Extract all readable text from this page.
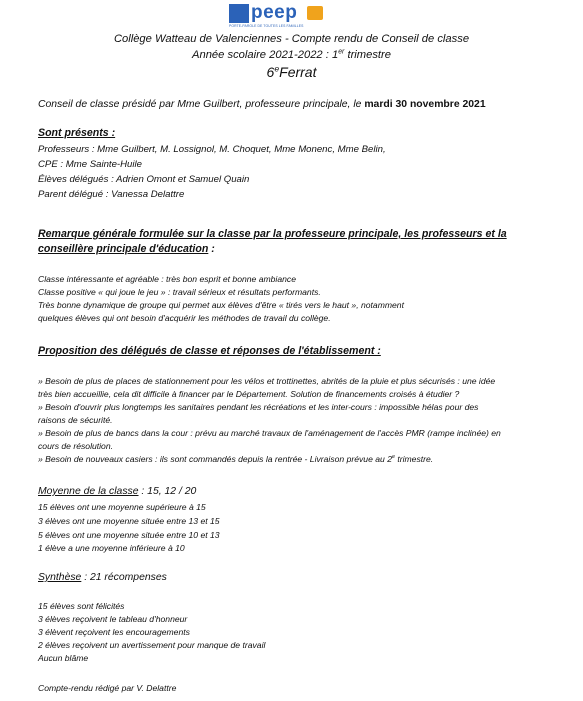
peep
PORTE-PAROLE DE TOUTES LES FAMILLES
Collège Watteau de Valenciennes - Compte rendu de Conseil de classe
Année scolaire 2021-2022 : 1er trimestre
6eFerrat
Conseil de classe présidé par Mme Guilbert, professeure principale, le mardi 30 novembre 2021
Sont présents :
Professeurs : Mme Guilbert, M. Lossignol, M. Choquet, Mme Monenc, Mme Belin,
CPE : Mme Sainte-Huile
Élèves délégués : Adrien Omont et Samuel Quain
Parent délégué : Vanessa Delattre
Remarque générale formulée sur la classe par la professeure principale, les professeurs et la
conseillère principale d'éducation :
Classe intéressante et agréable : très bon esprit et bonne ambiance
Classe positive « qui joue le jeu » : travail sérieux et résultats performants.
Très bonne dynamique de groupe qui permet aux élèves d'être « tirés vers le haut », notamment
quelques élèves qui ont besoin d'acquérir les méthodes de travail du collège.
Proposition des délégués de classe et réponses de l'établissement :
» Besoin de plus de places de stationnement pour les vélos et trottinettes, abrités de la pluie et plus sécurisés : une idée
très bien accueillie, cela dit difficile à financer par le Département. Solution de financements croisés à étudier ?
» Besoin d'ouvrir plus longtemps les sanitaires pendant les récréations et les inter-cours : impossible hélas pour des
raisons de sécurité.
» Besoin de plus de bancs dans la cour : prévu au marché travaux de l'aménagement de l'accès PMR (rampe inclinée) en
cours de résolution.
» Besoin de nouveaux casiers : ils sont commandés depuis la rentrée - Livraison prévue au 2e trimestre.
Moyenne de la classe : 15, 12 / 20
15 élèves ont une moyenne supérieure à 15
3 élèves ont une moyenne située entre 13 et 15
5 élèves ont une moyenne située entre 10 et 13
1 élève a une moyenne inférieure à 10
Synthèse : 21 récompenses
15 élèves sont félicités
3 élèves reçoivent le tableau d'honneur
3 élèvent reçoivent les encouragements
2 élèves reçoivent un avertissement pour manque de travail
Aucun blâme
Compte-rendu rédigé par V. Delattre
